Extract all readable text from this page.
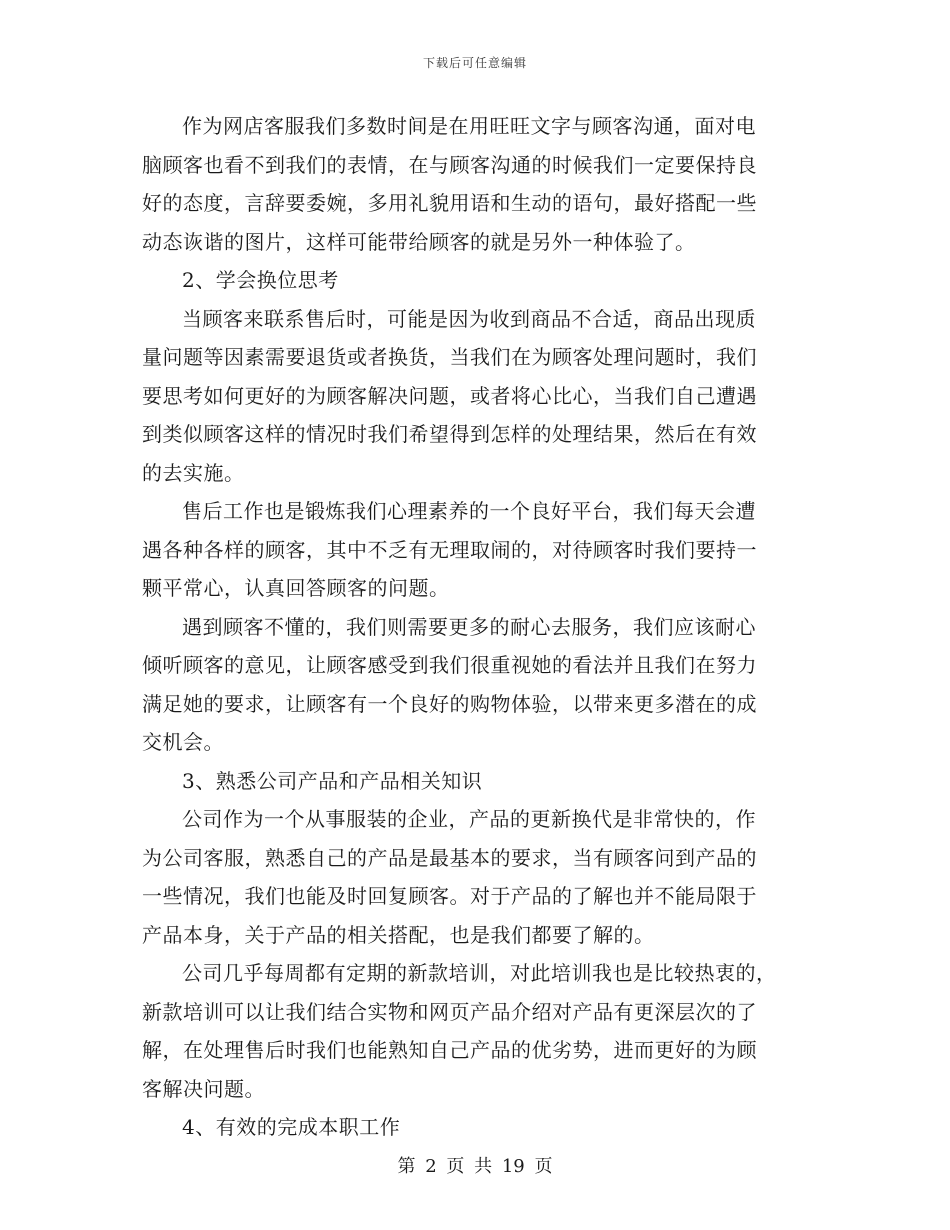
下载后可任意编辑

作为网店客服我们多数时间是在用旺旺文字与顾客沟通，面对电
脑顾客也看不到我们的表情，在与顾客沟通的时候我们一定要保持良
好的态度，言辞要委婉，多用礼貌用语和生动的语句，最好搭配一些
动态诙谐的图片，这样可能带给顾客的就是另外一种体验了。

2、学会换位思考

当顾客来联系售后时，可能是因为收到商品不合适，商品出现质
量问题等因素需要退货或者换货，当我们在为顾客处理问题时，我们
要思考如何更好的为顾客解决问题，或者将心比心，当我们自己遭遇
到类似顾客这样的情况时我们希望得到怎样的处理结果，然后在有效
的去实施。

售后工作也是锻炼我们心理素养的一个良好平台，我们每天会遭
遇各种各样的顾客，其中不乏有无理取闹的，对待顾客时我们要持一
颗平常心，认真回答顾客的问题。

遇到顾客不懂的，我们则需要更多的耐心去服务，我们应该耐心
倾听顾客的意见，让顾客感受到我们很重视她的看法并且我们在努力
满足她的要求，让顾客有一个良好的购物体验，以带来更多潜在的成
交机会。

3、熟悉公司产品和产品相关知识

公司作为一个从事服装的企业，产品的更新换代是非常快的，作
为公司客服，熟悉自己的产品是最基本的要求，当有顾客问到产品的
一些情况，我们也能及时回复顾客。对于产品的了解也并不能局限于
产品本身，关于产品的相关搭配，也是我们都要了解的。

公司几乎每周都有定期的新款培训，对此培训我也是比较热衷的，
新款培训可以让我们结合实物和网页产品介绍对产品有更深层次的了
解，在处理售后时我们也能熟知自己产品的优劣势，进而更好的为顾
客解决问题。

4、有效的完成本职工作

第 2 页 共 19 页
